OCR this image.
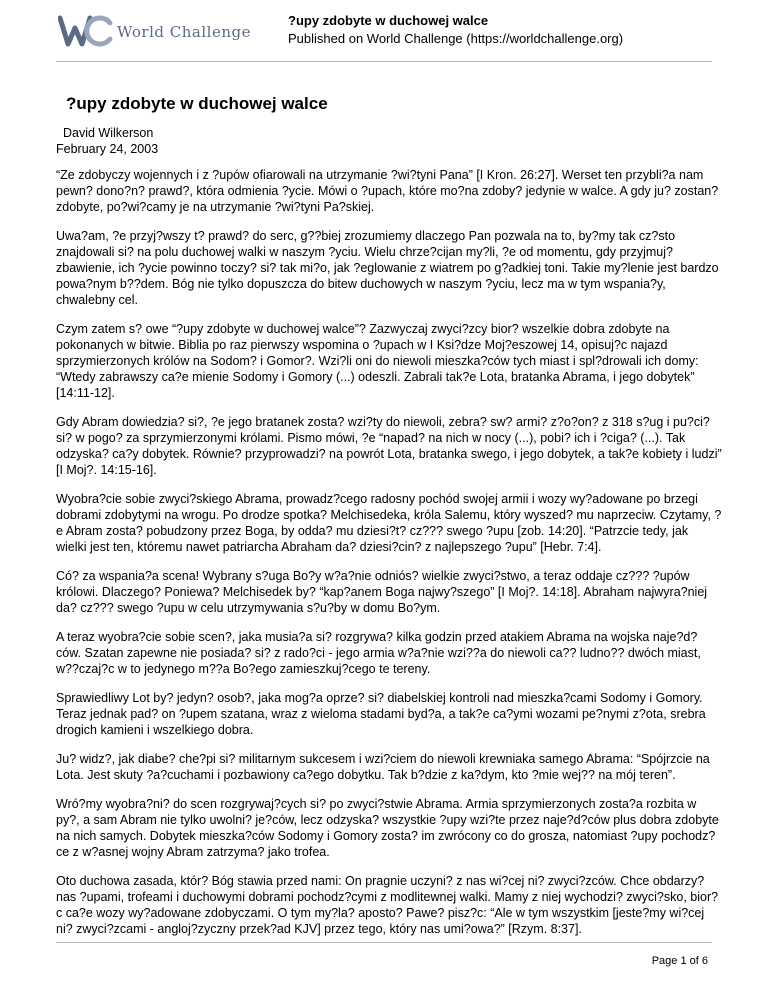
World Challenge
?upy zdobyte w duchowej walce
Published on World Challenge (https://worldchallenge.org)
?upy zdobyte w duchowej walce
David Wilkerson
February 24, 2003

“Ze zdobyczy wojennych i z ?upów ofiarowali na utrzymanie ?wi?tyni Pana” [I Kron. 26:27]. Werset ten przybli?a nam pewn? dono?n? prawd?, która odmienia ?ycie. Mówi o ?upach, które mo?na zdoby? jedynie w walce. A gdy ju? zostan? zdobyte, po?wi?camy je na utrzymanie ?wi?tyni Pa?skiej.

Uwa?am, ?e przyj?wszy t? prawd? do serc, g??biej zrozumiemy dlaczego Pan pozwala na to, by?my tak cz?sto znajdowali si? na polu duchowej walki w naszym ?yciu. Wielu chrze?cijan my?li, ?e od momentu, gdy przyjmuj? zbawienie, ich ?ycie powinno toczy? si? tak mi?o, jak ?eglowanie z wiatrem po g?adkiej toni. Takie my?lenie jest bardzo powa?nym b??dem. Bóg nie tylko dopuszcza do bitew duchowych w naszym ?yciu, lecz ma w tym wspania?y, chwalebny cel.

Czym zatem s? owe “?upy zdobyte w duchowej walce”? Zazwyczaj zwyci?zcy bior? wszelkie dobra zdobyte na pokonanych w bitwie. Biblia po raz pierwszy wspomina o ?upach w I Ksi?dze Moj?eszowej 14, opisuj?c najazd sprzymierzonych królów na Sodom? i Gomor?. Wzi?li oni do niewoli mieszka?ców tych miast i spl?drowali ich domy: “Wtedy zabrawszy ca?e mienie Sodomy i Gomory (...) odeszli. Zabrali tak?e Lota, bratanka Abrama, i jego dobytek” [14:11-12].

Gdy Abram dowiedzia? si?, ?e jego bratanek zosta? wzi?ty do niewoli, zebra? sw? armi? z?o?on? z 318 s?ug i pu?ci? si? w pogo? za sprzymierzonymi królami. Pismo mówi, ?e “napad? na nich w nocy (...), pobi? ich i ?ciga? (...). Tak odzyska? ca?y dobytek. Równie? przyprowadzi? na powrót Lota, bratanka swego, i jego dobytek, a tak?e kobiety i ludzi” [I Moj?. 14:15-16].

Wyobra?cie sobie zwyci?skiego Abrama, prowadz?cego radosny pochód swojej armii i wozy wy?adowane po brzegi dobrami zdobytymi na wrogu. Po drodze spotka? Melchisedeka, króla Salemu, który wyszed? mu naprzeciw. Czytamy, ?e Abram zosta? pobudzony przez Boga, by odda? mu dziesi?t? cz??? swego ?upu [zob. 14:20]. “Patrzcie tedy, jak wielki jest ten, któremu nawet patriarcha Abraham da? dziesi?cin? z najlepszego ?upu” [Hebr. 7:4].

Có? za wspania?a scena! Wybrany s?uga Bo?y w?a?nie odniós? wielkie zwyci?stwo, a teraz oddaje cz??? ?upów królowi. Dlaczego? Poniewa? Melchisedek by? “kap?anem Boga najwy?szego” [I Moj?. 14:18]. Abraham najwyra?niej da? cz??? swego ?upu w celu utrzymywania s?u?by w domu Bo?ym.

A teraz wyobra?cie sobie scen?, jaka musia?a si? rozgrywa? kilka godzin przed atakiem Abrama na wojska naje?d?ców. Szatan zapewne nie posiada? si? z rado?ci - jego armia w?a?nie wzi??a do niewoli ca?? ludno?? dwóch miast, w??czaj?c w to jedynego m??a Bo?ego zamieszkuj?cego te tereny.

Sprawiedliwy Lot by? jedyn? osob?, jaka mog?a oprze? si? diabelskiej kontroli nad mieszka?cami Sodomy i Gomory. Teraz jednak pad? on ?upem szatana, wraz z wieloma stadami byd?a, a tak?e ca?ymi wozami pe?nymi z?ota, srebra drogich kamieni i wszelkiego dobra.

Ju? widz?, jak diabe? che?pi si? militarnym sukcesem i wzi?ciem do niewoli krewniaka samego Abrama: “Spójrzcie na Lota. Jest skuty ?a?cuchami i pozbawiony ca?ego dobytku. Tak b?dzie z ka?dym, kto ?mie wej?? na mój teren”.

Wró?my wyobra?ni? do scen rozgrywaj?cych si? po zwyci?stwie Abrama. Armia sprzymierzonych zosta?a rozbita w py?, a sam Abram nie tylko uwolni? je?ców, lecz odzyska? wszystkie ?upy wzi?te przez naje?d?ców plus dobra zdobyte na nich samych. Dobytek mieszka?ców Sodomy i Gomory zosta? im zwrócony co do grosza, natomiast ?upy pochodz?ce z w?asnej wojny Abram zatrzyma? jako trofea.

Oto duchowa zasada, któr? Bóg stawia przed nami: On pragnie uczyni? z nas wi?cej ni? zwyci?zców. Chce obdarzy? nas ?upami, trofeami i duchowymi dobrami pochodz?cymi z modlitewnej walki. Mamy z niej wychodzi? zwyci?sko, bior?c ca?e wozy wy?adowane zdobyczami. O tym my?la? aposto? Pawe? pisz?c: “Ale w tym wszystkim [jeste?my wi?cej ni? zwyci?zcami - angloj?zyczny przek?ad KJV] przez tego, który nas umi?owa?” [Rzym. 8:37].

Page 1 of 6
